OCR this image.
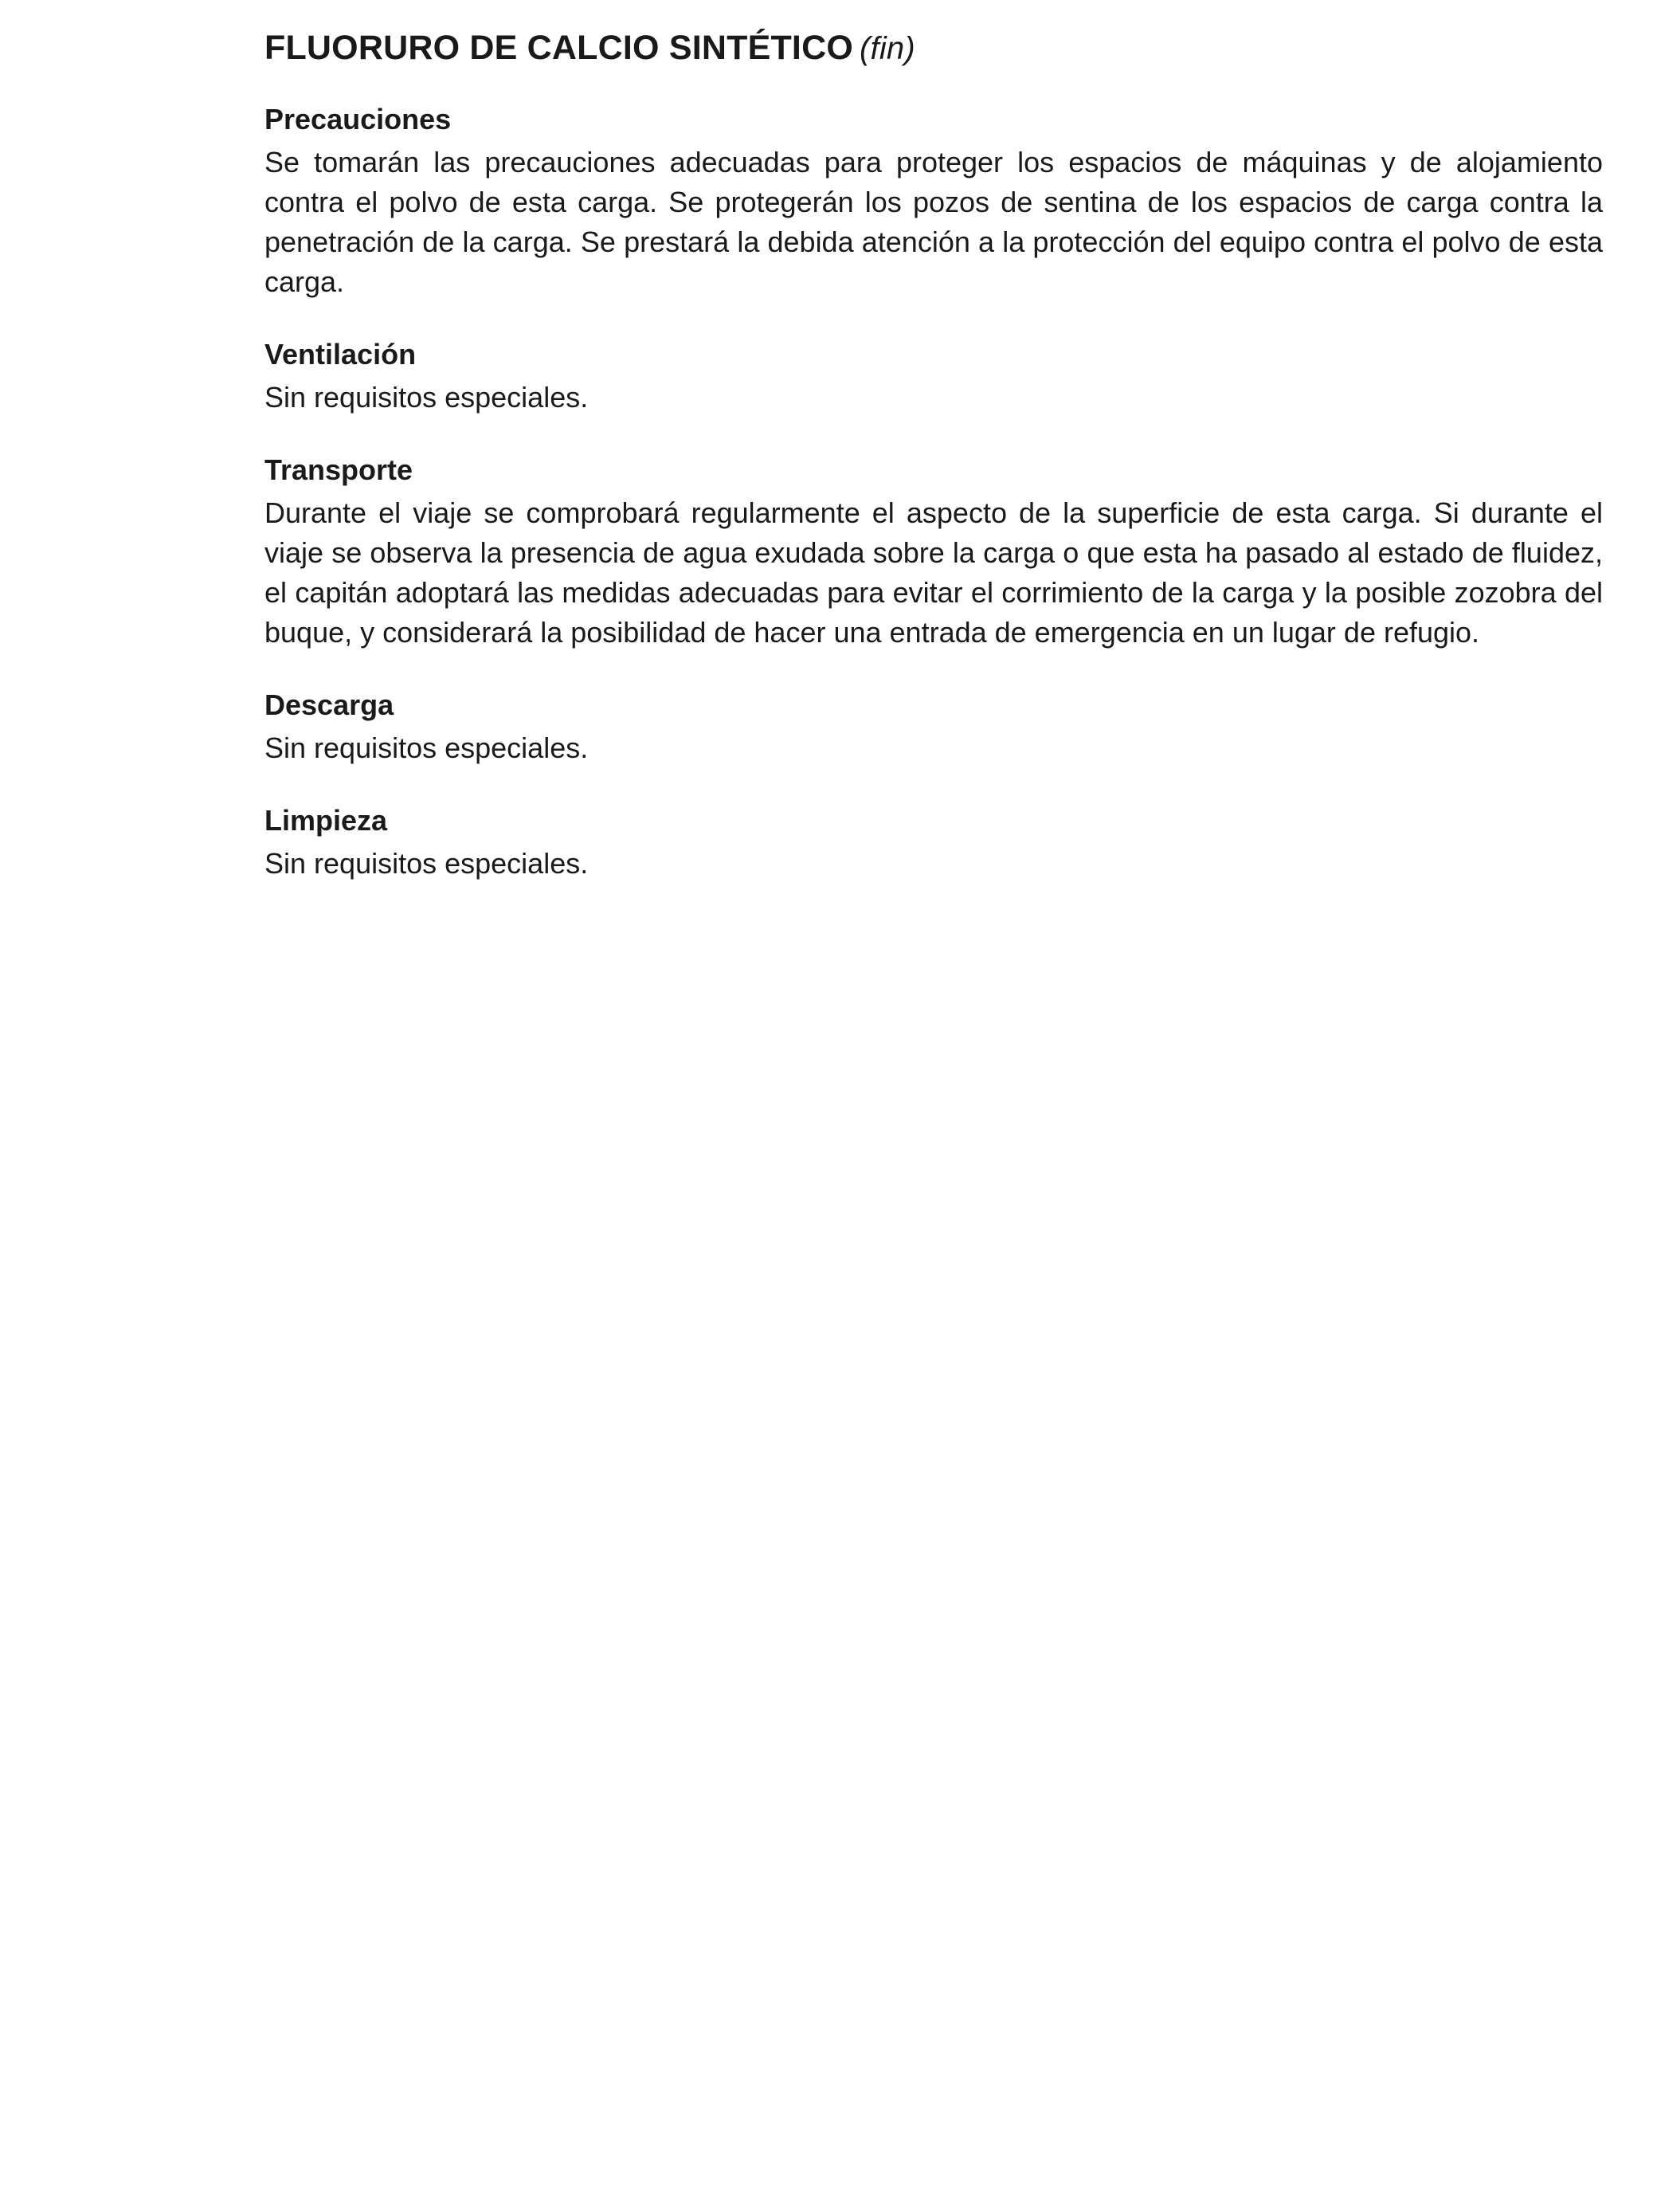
FLUORURO DE CALCIO SINTÉTICO (fin)
Precauciones

Se tomarán las precauciones adecuadas para proteger los espacios de máquinas y de alojamiento contra el polvo de esta carga. Se protegerán los pozos de sentina de los espacios de carga contra la penetración de la carga. Se prestará la debida atención a la protección del equipo contra el polvo de esta carga.

Ventilación

Sin requisitos especiales.

Transporte

Durante el viaje se comprobará regularmente el aspecto de la superficie de esta carga. Si durante el viaje se observa la presencia de agua exudada sobre la carga o que esta ha pasado al estado de fluidez, el capitán adoptará las medidas adecuadas para evitar el corrimiento de la carga y la posible zozobra del buque, y considerará la posibilidad de hacer una entrada de emergencia en un lugar de refugio.

Descarga

Sin requisitos especiales.

Limpieza

Sin requisitos especiales.
